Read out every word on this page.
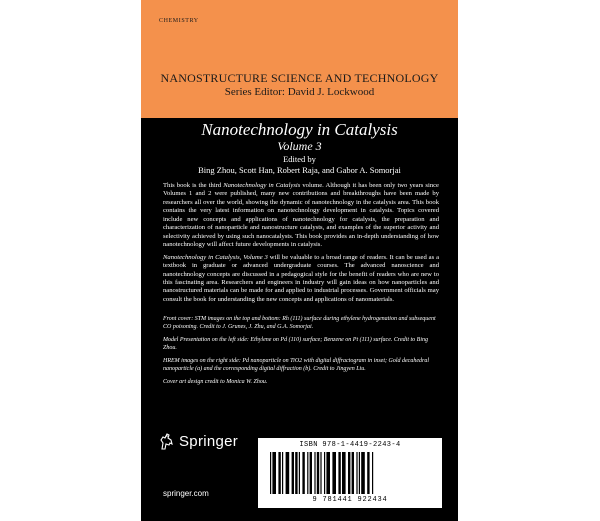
CHEMISTRY
NANOSTRUCTURE SCIENCE AND TECHNOLOGY
Series Editor: David J. Lockwood
Nanotechnology in Catalysis
Volume 3
Edited by
Bing Zhou, Scott Han, Robert Raja, and Gabor A. Somorjai

This book is the third Nanotechnology in Catalysis volume. Although it has been only two years since Volumes 1 and 2 were published, many new contributions and breakthroughs have been made by researchers all over the world, showing the dynamic of nanotechnology in the catalysis area. This book contains the very latest information on nanotechnology development in catalysis. Topics covered include new concepts and applications of nanotechnology for catalysis, the preparation and characterization of nanoparticle and nanostructure catalysts, and examples of the superior activity and selectivity achieved by using such nanocatalysts. This book provides an in-depth understanding of how nanotechnology will affect future developments in catalysis.

Nanotechnology in Catalysis, Volume 3 will be valuable to a broad range of readers. It can be used as a textbook in graduate or advanced undergraduate courses. The advanced nanoscience and nanotechnology concepts are discussed in a pedagogical style for the benefit of readers who are new to this fascinating area. Researchers and engineers in industry will gain ideas on how nanoparticles and nanostructured materials can be made for and applied to industrial processes. Government officials may consult the book for understanding the new concepts and applications of nanomaterials.

Front cover: STM images on the top and bottom: Rh (111) surface during ethylene hydrogenation and subsequent CO poisoning. Credit to J. Grunes, J. Zhu, and G.A. Somorjai.

Model Presentation on the left side: Ethylene on Pd (110) surface; Benzene on Pt (111) surface. Credit to Bing Zhou.

HREM images on the right side: Pd nanoparticle on TiO2 with digital diffractogram in inset; Gold decahedral nanoparticle (a) and the corresponding digital diffraction (b). Credit to Jingyen Liu.

Cover art design credit to Monica W. Zhou.

Springer
springer.com
ISBN 978-1-4419-2243-4
9 781441 922434
